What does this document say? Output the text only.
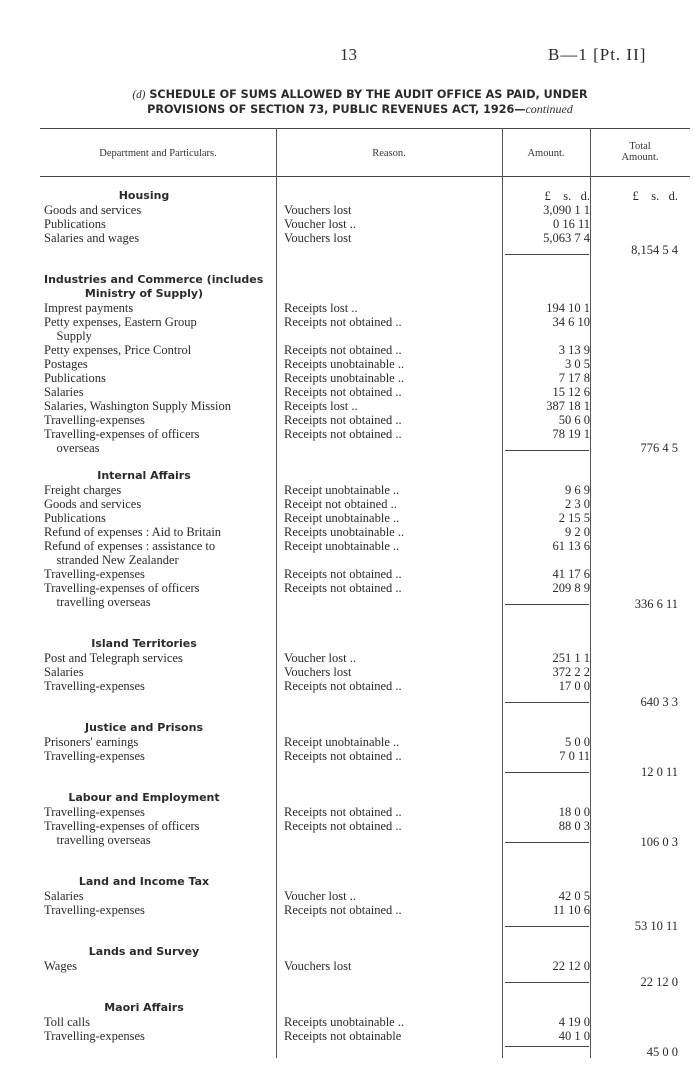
13	B—1 [Pt. II]
(d) SCHEDULE OF SUMS ALLOWED BY THE AUDIT OFFICE AS PAID, UNDER
PROVISIONS OF SECTION 73, PUBLIC REVENUES ACT, 1926—continued
Department and Particulars.	Reason.	Amount.
Total
Amount.
£ s. d.	£ s. d.
Housing
Goods and services	Vouchers lost	3,090 1 1
Publications	Voucher lost ..	0 16 11
Salaries and wages	Vouchers lost	5,063 7 4
8,154 5 4
Industries and Commerce (includes
Ministry of Supply)
Imprest payments	Receipts lost ..	194 10 1
Petty expenses, Eastern Group
Supply
Receipts not obtained ..	34 6 10
Petty expenses, Price Control	Receipts not obtained ..	3 13 9
Postages	Receipts unobtainable ..	3 0 5
Publications	Receipts unobtainable ..	7 17 8
Salaries	Receipts not obtained ..	15 12 6
Salaries, Washington Supply Mission	Receipts lost ..	387 18 1
Travelling-expenses	Receipts not obtained ..	50 6 0
Travelling-expenses of officers
overseas
Receipts not obtained ..	78 19 1
776 4 5
Internal Affairs
Freight charges	Receipt unobtainable ..	9 6 9
Goods and services	Receipt not obtained ..	2 3 0
Publications	Receipt unobtainable ..	2 15 5
Refund of expenses : Aid to Britain	Receipts unobtainable ..	9 2 0
Refund of expenses : assistance to
stranded New Zealander
Receipt unobtainable ..	61 13 6
Travelling-expenses	Receipts not obtained ..	41 17 6
Travelling-expenses of officers
travelling overseas
Receipts not obtained ..	209 8 9
336 6 11
Island Territories
Post and Telegraph services	Voucher lost ..	251 1 1
Salaries	Vouchers lost	372 2 2
Travelling-expenses	Receipts not obtained ..	17 0 0
640 3 3
Justice and Prisons
Prisoners' earnings	Receipt unobtainable ..	5 0 0
Travelling-expenses	Receipts not obtained ..	7 0 11
12 0 11
Labour and Employment
Travelling-expenses	Receipts not obtained ..	18 0 0
Travelling-expenses of officers
travelling overseas
Receipts not obtained ..	88 0 3
106 0 3
Land and Income Tax
Salaries	Voucher lost ..	42 0 5
Travelling-expenses	Receipts not obtained ..	11 10 6
53 10 11
Lands and Survey
Wages	Vouchers lost	22 12 0
22 12 0
Maori Affairs
Toll calls	Receipts unobtainable ..	4 19 0
Travelling-expenses	Receipts not obtainable	40 1 0
45 0 0
